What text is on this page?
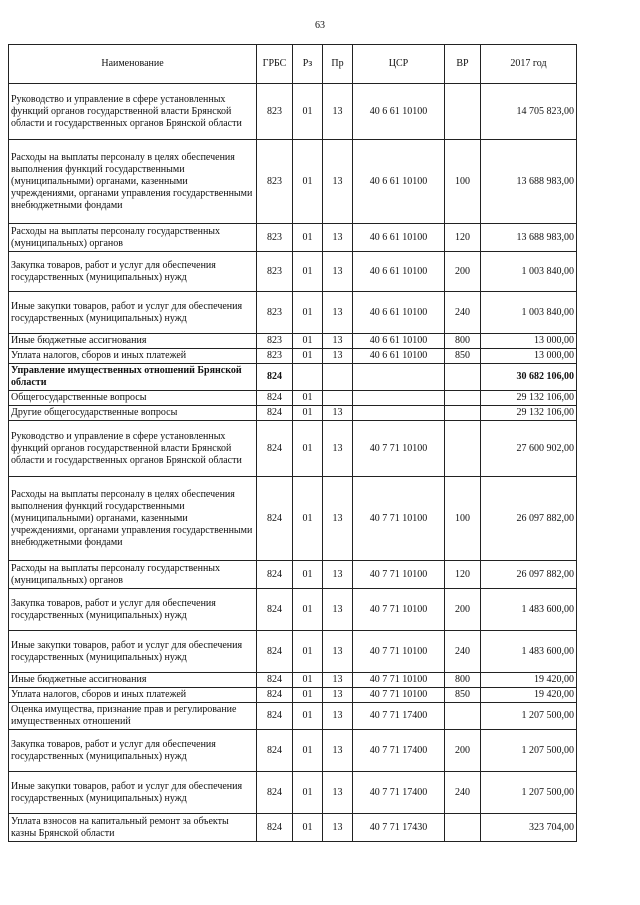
63
Наименование	ГРБС	Рз	Пр	ЦСР	ВР	2017 год
Руководство и управление в сфере установленных функций органов государственной власти Брянской области и государственных органов Брянской области	823	01	13	40 6 61 10100		14 705 823,00
Расходы на выплаты персоналу в целях обеспечения выполнения функций государственными (муниципальными) органами, казенными учреждениями, органами управления государственными внебюджетными фондами	823	01	13	40 6 61 10100	100	13 688 983,00
Расходы на выплаты персоналу государственных (муниципальных) органов	823	01	13	40 6 61 10100	120	13 688 983,00
Закупка товаров, работ и услуг для обеспечения государственных (муниципальных) нужд	823	01	13	40 6 61 10100	200	1 003 840,00
Иные закупки товаров, работ и услуг для обеспечения государственных (муниципальных) нужд	823	01	13	40 6 61 10100	240	1 003 840,00
Иные бюджетные ассигнования	823	01	13	40 6 61 10100	800	13 000,00
Уплата налогов, сборов и иных платежей	823	01	13	40 6 61 10100	850	13 000,00
Управление имущественных отношений Брянской области	824					30 682 106,00
Общегосударственные вопросы	824	01				29 132 106,00
Другие общегосударственные вопросы	824	01	13			29 132 106,00
Руководство и управление в сфере установленных функций органов государственной власти Брянской области и государственных органов Брянской области	824	01	13	40 7 71 10100		27 600 902,00
Расходы на выплаты персоналу в целях обеспечения выполнения функций государственными (муниципальными) органами, казенными учреждениями, органами управления государственными внебюджетными фондами	824	01	13	40 7 71 10100	100	26 097 882,00
Расходы на выплаты персоналу государственных (муниципальных) органов	824	01	13	40 7 71 10100	120	26 097 882,00
Закупка товаров, работ и услуг для обеспечения государственных (муниципальных) нужд	824	01	13	40 7 71 10100	200	1 483 600,00
Иные закупки товаров, работ и услуг для обеспечения государственных (муниципальных) нужд	824	01	13	40 7 71 10100	240	1 483 600,00
Иные бюджетные ассигнования	824	01	13	40 7 71 10100	800	19 420,00
Уплата налогов, сборов и иных платежей	824	01	13	40 7 71 10100	850	19 420,00
Оценка имущества, признание прав и регулирование имущественных отношений	824	01	13	40 7 71 17400		1 207 500,00
Закупка товаров, работ и услуг для обеспечения государственных (муниципальных) нужд	824	01	13	40 7 71 17400	200	1 207 500,00
Иные закупки товаров, работ и услуг для обеспечения государственных (муниципальных) нужд	824	01	13	40 7 71 17400	240	1 207 500,00
Уплата взносов на капитальный ремонт за объекты казны Брянской области	824	01	13	40 7 71 17430		323 704,00
